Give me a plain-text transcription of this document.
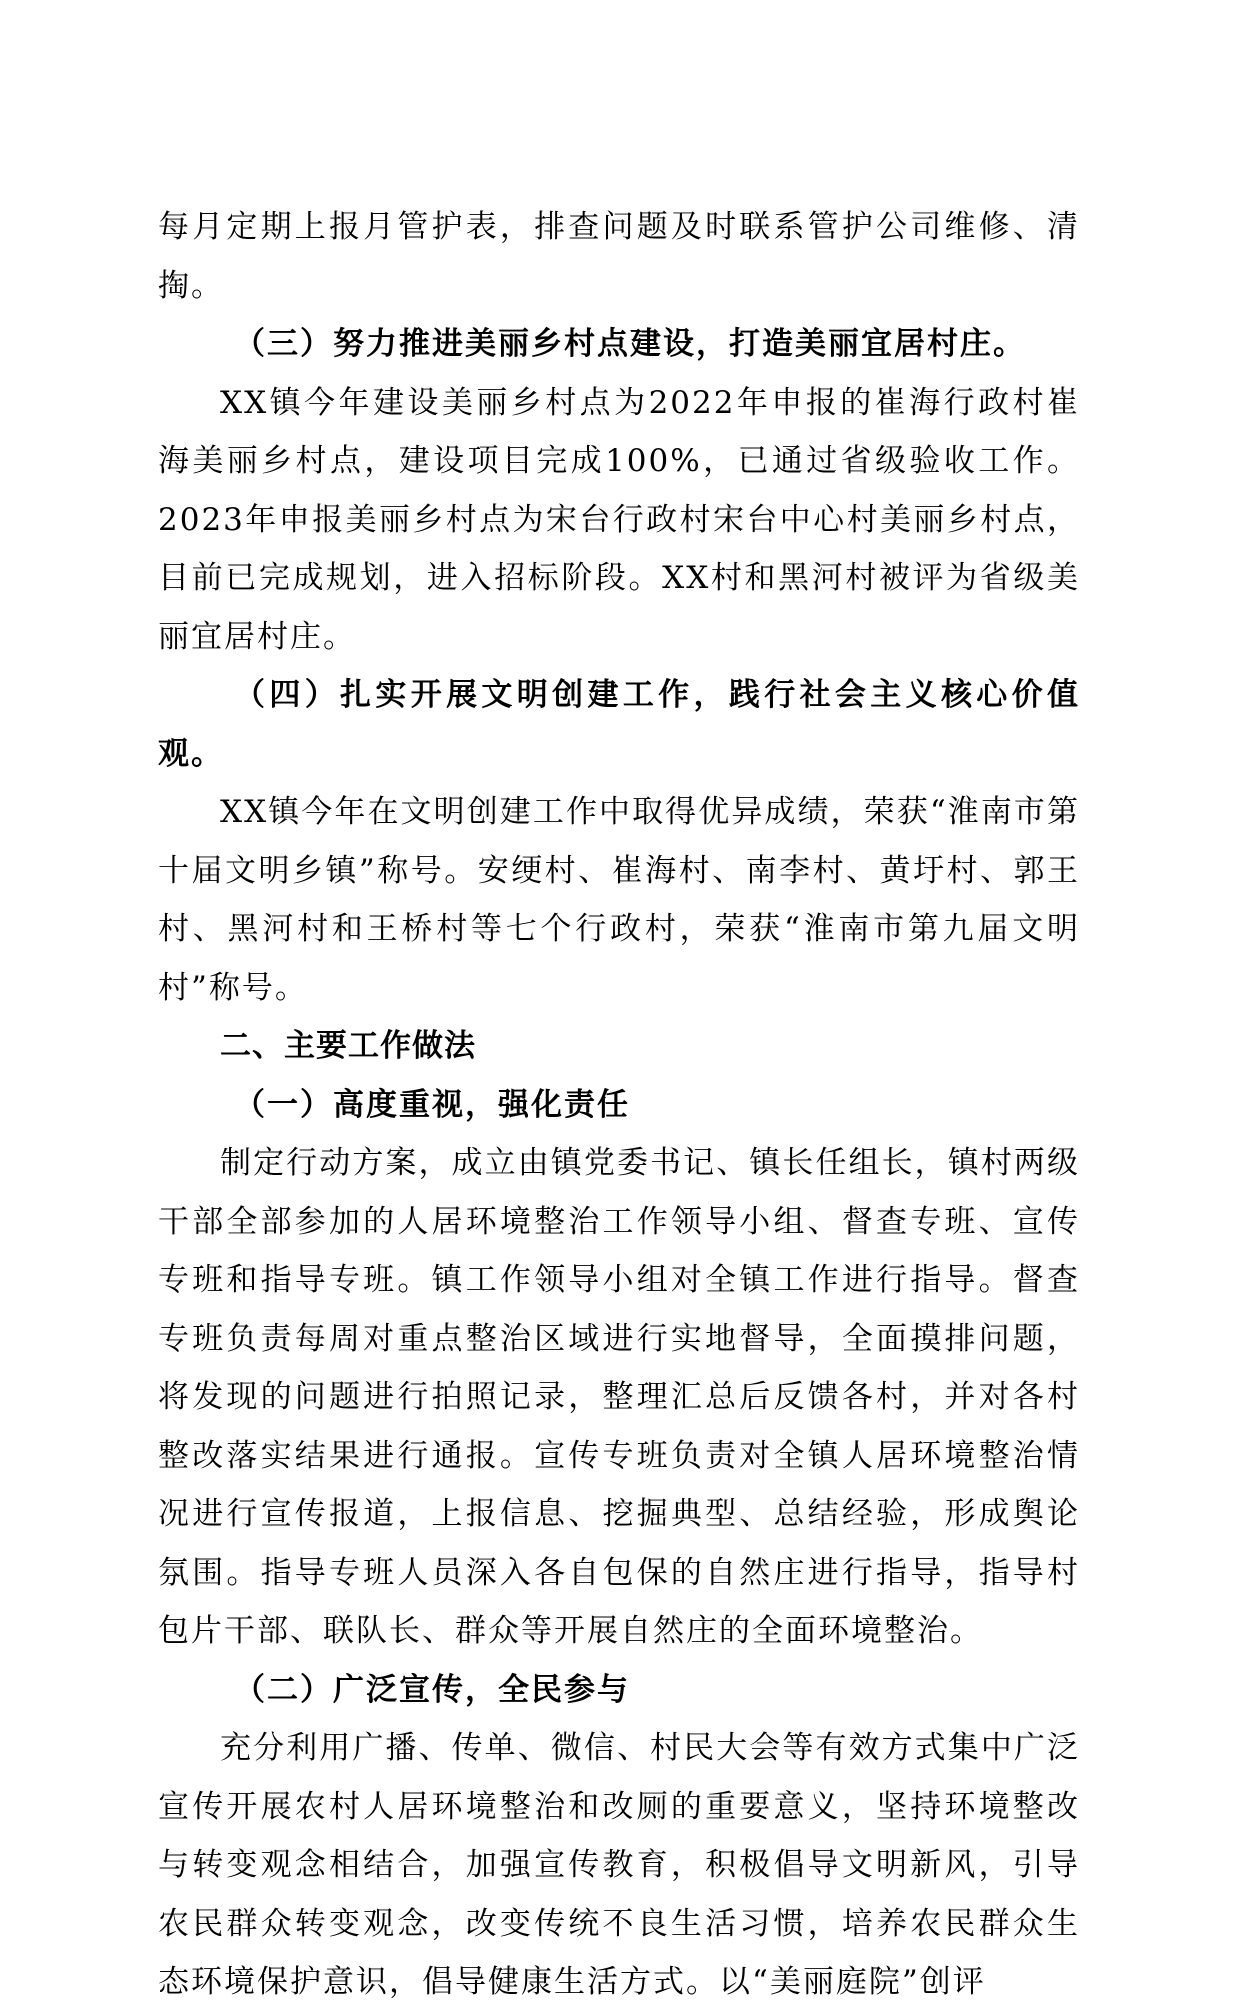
每月定期上报月管护表，排查问题及时联系管护公司维修、清掏。

（三）努力推进美丽乡村点建设，打造美丽宜居村庄。

XX镇今年建设美丽乡村点为2022年申报的崔海行政村崔海美丽乡村点，建设项目完成100%，已通过省级验收工作。2023年申报美丽乡村点为宋台行政村宋台中心村美丽乡村点，目前已完成规划，进入招标阶段。XX村和黑河村被评为省级美丽宜居村庄。

（四）扎实开展文明创建工作，践行社会主义核心价值观。

XX镇今年在文明创建工作中取得优异成绩，荣获“淮南市第十届文明乡镇”称号。安绠村、崔海村、南李村、黄圩村、郭王村、黑河村和王桥村等七个行政村，荣获“淮南市第九届文明村”称号。

二、主要工作做法

（一）高度重视，强化责任

制定行动方案，成立由镇党委书记、镇长任组长，镇村两级干部全部参加的人居环境整治工作领导小组、督查专班、宣传专班和指导专班。镇工作领导小组对全镇工作进行指导。督查专班负责每周对重点整治区域进行实地督导，全面摸排问题，将发现的问题进行拍照记录，整理汇总后反馈各村，并对各村整改落实结果进行通报。宣传专班负责对全镇人居环境整治情况进行宣传报道，上报信息、挖掘典型、总结经验，形成舆论氛围。指导专班人员深入各自包保的自然庄进行指导，指导村包片干部、联队长、群众等开展自然庄的全面环境整治。

（二）广泛宣传，全民参与

充分利用广播、传单、微信、村民大会等有效方式集中广泛宣传开展农村人居环境整治和改厕的重要意义，坚持环境整改与转变观念相结合，加强宣传教育，积极倡导文明新风，引导农民群众转变观念，改变传统不良生活习惯，培养农民群众生态环境保护意识，倡导健康生活方式。以“美丽庭院”创评
